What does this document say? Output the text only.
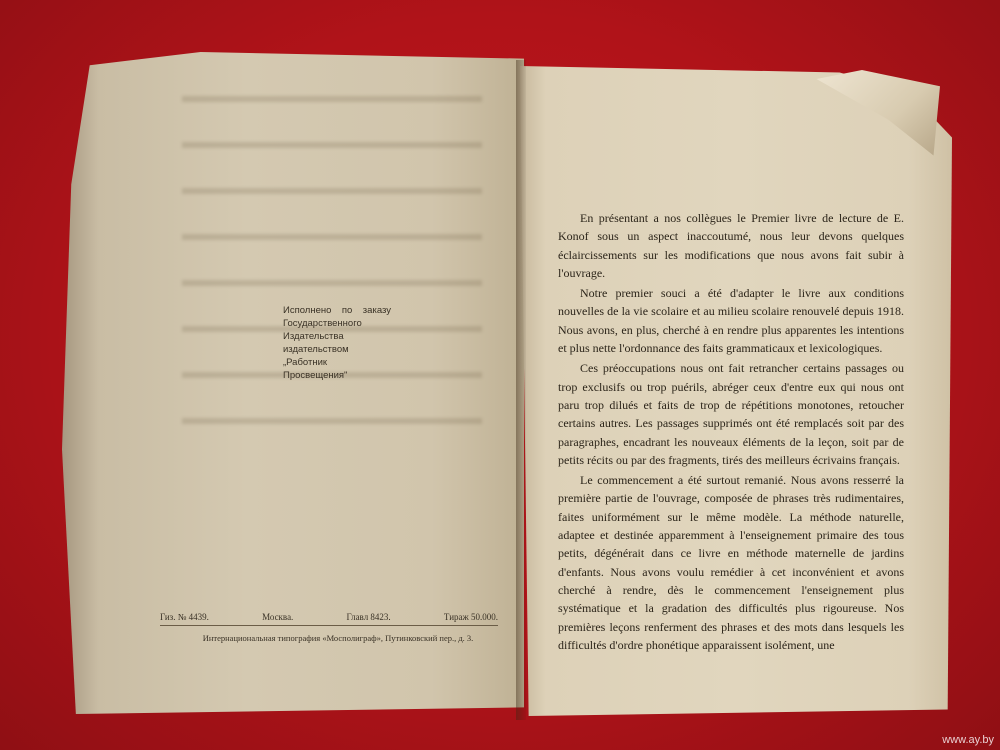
Исполнено по заказу Государственного Издательства издательством „Работник Просвещения"
Гиз. № 4439.	Москва.	Главл 8423.	Тираж 50.000.
Интернациональная типография «Мосполиграф», Путинковский пер., д. 3.

En présentant a nos collègues le Premier livre de lecture de E. Konof sous un aspect inaccoutumé, nous leur devons quelques éclaircissements sur les modifications que nous avons fait subir à l'ouvrage.

Notre premier souci a été d'adapter le livre aux conditions nouvelles de la vie scolaire et au milieu scolaire renouvelé depuis 1918. Nous avons, en plus, cherché à en rendre plus apparentes les intentions et plus nette l'ordonnance des faits grammaticaux et lexicologiques.

Ces préoccupations nous ont fait retrancher certains passages ou trop exclusifs ou trop puérils, abréger ceux d'entre eux qui nous ont paru trop dilués et faits de trop de répétitions monotones, retoucher certains autres. Les passages supprimés ont été remplacés soit par des paragraphes, encadrant les nouveaux éléments de la leçon, soit par de petits récits ou par des fragments, tirés des meilleurs écrivains français.

Le commencement a été surtout remanié. Nous avons resserré la première partie de l'ouvrage, composée de phrases très rudimentaires, faites uniformément sur le même modèle. La méthode naturelle, adaptee et destinée apparemment à l'enseignement primaire des tous petits, dégénérait dans ce livre en méthode maternelle de jardins d'enfants. Nous avons voulu remédier à cet inconvénient et avons cherché à rendre, dès le commencement l'enseignement plus systématique et la gradation des difficultés plus rigoureuse. Nos premières leçons renferment des phrases et des mots dans lesquels les difficultés d'ordre phonétique apparaissent isolément, une

www.ay.by
